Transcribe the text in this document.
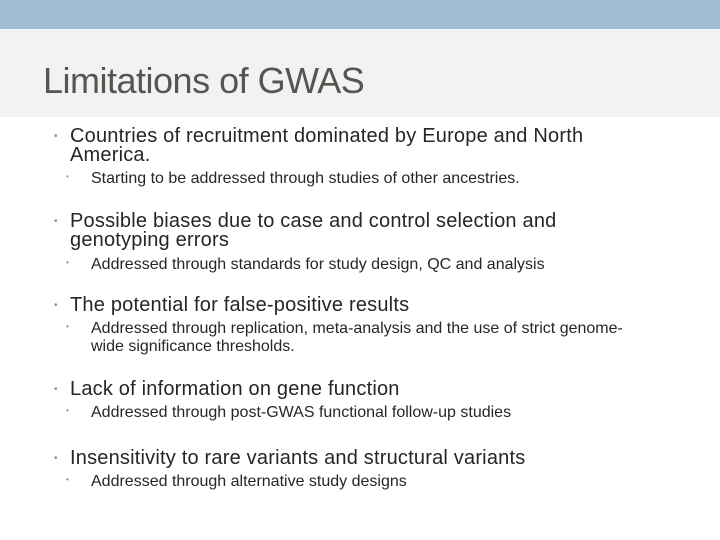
Limitations of GWAS
• Countries of recruitment dominated by Europe and North America.
• Starting to be addressed through studies of other ancestries.
• Possible biases due to case and control selection and genotyping errors
• Addressed through standards for study design, QC and analysis
• The potential for false-positive results
• Addressed through replication, meta-analysis and the use of strict genome-wide significance thresholds.
• Lack of information on gene function
• Addressed through post-GWAS functional follow-up studies
• Insensitivity to rare variants and structural variants
• Addressed through alternative study designs
